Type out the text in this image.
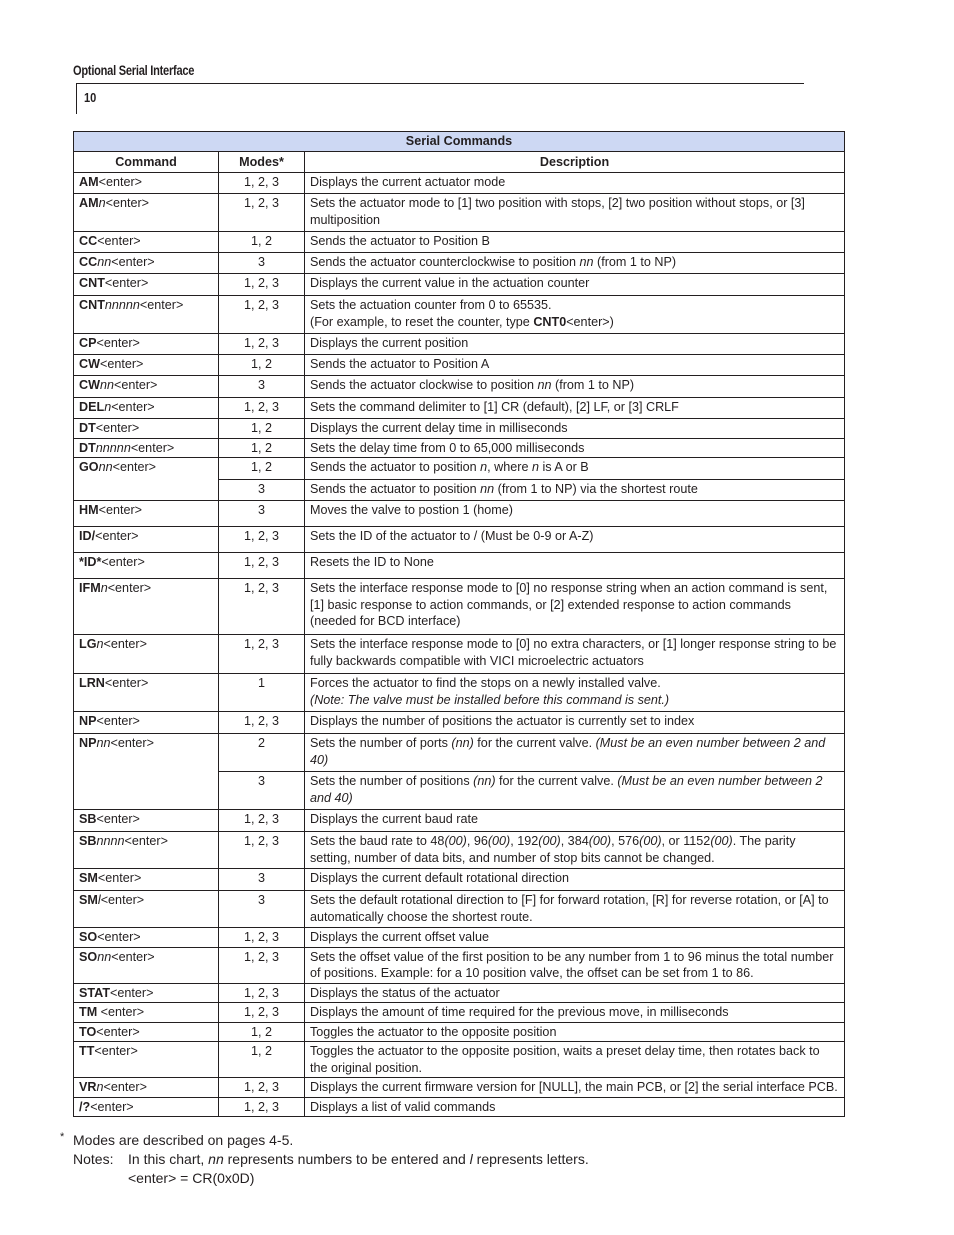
Optional Serial Interface
10
Serial Commands		
Command	Modes*	Description
AM<enter>	1, 2, 3	Displays the current actuator mode
AMn<enter>	1, 2, 3	Sets the actuator mode to [1] two position with stops, [2] two position without stops, or [3] multiposition
CC<enter>	1, 2	Sends the actuator to Position B
CCnn<enter>	3	Sends the actuator counterclockwise to position nn (from 1 to NP)
CNT<enter>	1, 2, 3	Displays the current value in the actuation counter
CNTnnnnn<enter>	1, 2, 3	Sets the actuation counter from 0 to 65535.
(For example, to reset the counter, type CNT0<enter>)
CP<enter>	1, 2, 3	Displays the current position
CW<enter>	1, 2	Sends the actuator to Position A
CWnn<enter>	3	Sends the actuator clockwise to position nn (from 1 to NP)
DELn<enter>	1, 2, 3	Sets the command delimiter to [1] CR (default), [2] LF, or [3] CRLF
DT<enter>	1, 2	Displays the current delay time in milliseconds
DTnnnnn<enter>	1, 2	Sets the delay time from 0 to 65,000 milliseconds
GOnn<enter>	1, 2	Sends the actuator to position n, where n is A or B
	3	Sends the actuator to position nn (from 1 to NP) via the shortest route
HM<enter>	3	Moves the valve to postion 1 (home)
ID/<enter>	1, 2, 3	Sets the ID of the actuator to / (Must be 0-9 or A-Z)
*ID*<enter>	1, 2, 3	Resets the ID to None
IFMn<enter>	1, 2, 3	Sets the interface response mode to [0] no response string when an action command is sent, [1] basic response to action commands, or [2] extended response to action commands (needed for BCD interface)
LGn<enter>	1, 2, 3	Sets the interface response mode to [0] no extra characters, or [1] longer response string to be fully backwards compatible with VICI microelectric actuators
LRN<enter>	1	Forces the actuator to find the stops on a newly installed valve.
(Note: The valve must be installed before this command is sent.)
NP<enter>	1, 2, 3	Displays the number of positions the actuator is currently set to index
NPnn<enter>	2	Sets the number of ports (nn) for the current valve. (Must be an even number between 2 and 40)
	3	Sets the number of positions (nn) for the current valve. (Must be an even number between 2 and 40)
SB<enter>	1, 2, 3	Displays the current baud rate
SBnnnn<enter>	1, 2, 3	Sets the baud rate to 48(00), 96(00), 192(00), 384(00), 576(00), or 1152(00). The parity setting, number of data bits, and number of stop bits cannot be changed.
SM<enter>	3	Displays the current default rotational direction
SMl<enter>	3	Sets the default rotational direction to [F] for forward rotation, [R] for reverse rotation, or [A] to automatically choose the shortest route.
SO<enter>	1, 2, 3	Displays the current offset value
SOnn<enter>	1, 2, 3	Sets the offset value of the first position to be any number from 1 to 96 minus the total number of positions. Example: for a 10 position valve, the offset can be set from 1 to 86.
STAT<enter>	1, 2, 3	Displays the status of the actuator
TM <enter>	1, 2, 3	Displays the amount of time required for the previous move, in milliseconds
TO<enter>	1, 2	Toggles the actuator to the opposite position
TT<enter>	1, 2	Toggles the actuator to the opposite position, waits a preset delay time, then rotates back to the original position.
VRn<enter>	1, 2, 3	Displays the current firmware version for [NULL], the main PCB, or [2] the serial interface PCB.
/?<enter>	1, 2, 3	Displays a list of valid commands
* Modes are described on pages 4-5.
Notes: In this chart, nn represents numbers to be entered and l represents letters.
<enter> = CR(0x0D)
